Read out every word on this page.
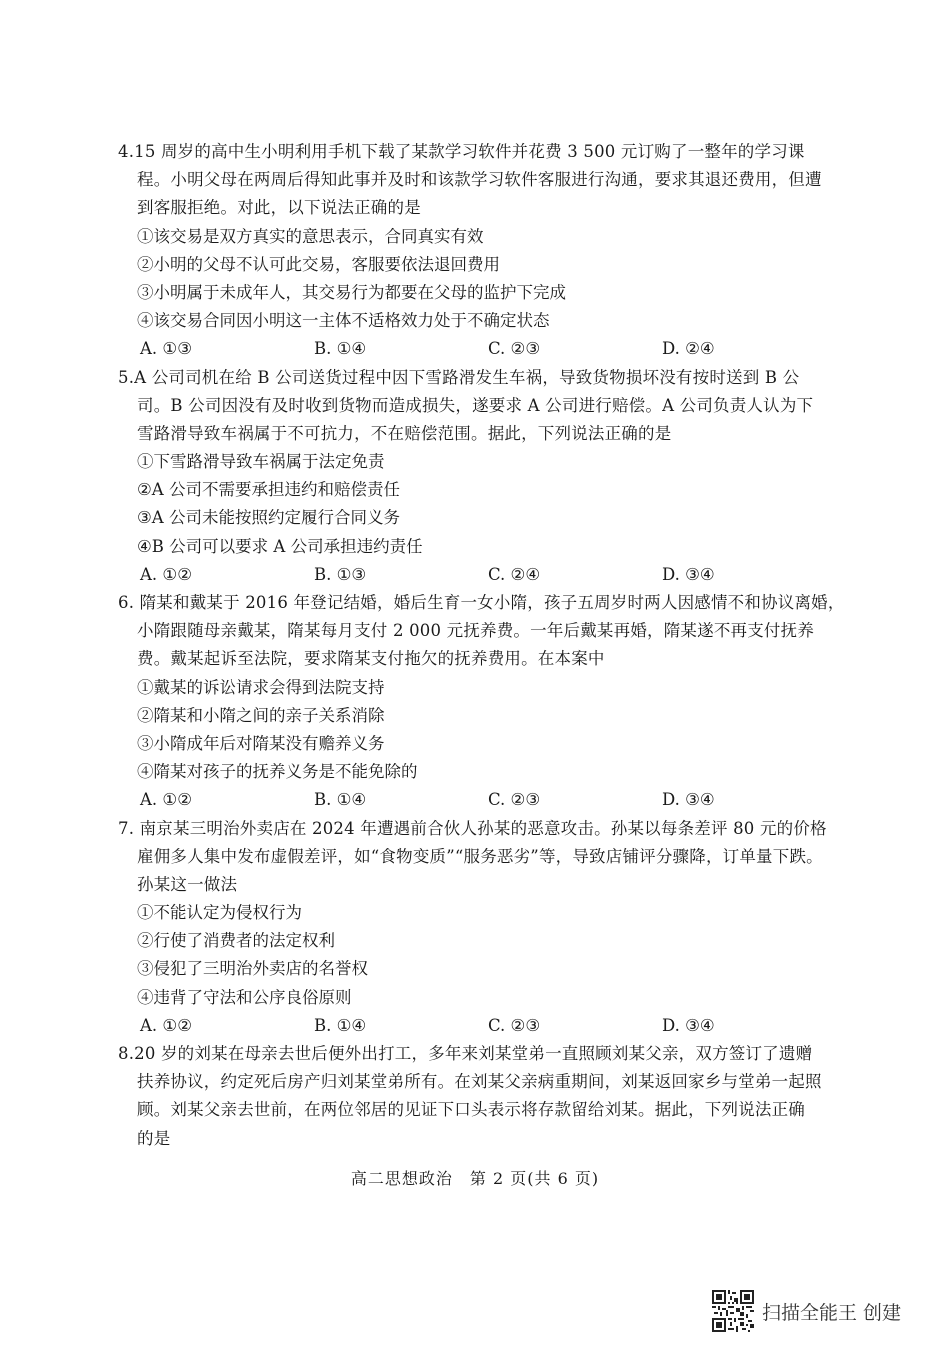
4.15 周岁的高中生小明利用手机下载了某款学习软件并花费 3 500 元订购了一整年的学习课
程。小明父母在两周后得知此事并及时和该款学习软件客服进行沟通，要求其退还费用，但遭
到客服拒绝。对此，以下说法正确的是
①该交易是双方真实的意思表示，合同真实有效
②小明的父母不认可此交易，客服要依法退回费用
③小明属于未成年人，其交易行为都要在父母的监护下完成
④该交易合同因小明这一主体不适格效力处于不确定状态
A. ①③	B. ①④	C. ②③	D. ②④
5.A 公司司机在给 B 公司送货过程中因下雪路滑发生车祸，导致货物损坏没有按时送到 B 公
司。B 公司因没有及时收到货物而造成损失，遂要求 A 公司进行赔偿。A 公司负责人认为下
雪路滑导致车祸属于不可抗力，不在赔偿范围。据此，下列说法正确的是
①下雪路滑导致车祸属于法定免责
②A 公司不需要承担违约和赔偿责任
③A 公司未能按照约定履行合同义务
④B 公司可以要求 A 公司承担违约责任
A. ①②	B. ①③	C. ②④	D. ③④
6. 隋某和戴某于 2016 年登记结婚，婚后生育一女小隋，孩子五周岁时两人因感情不和协议离婚，
小隋跟随母亲戴某，隋某每月支付 2 000 元抚养费。一年后戴某再婚，隋某遂不再支付抚养
费。戴某起诉至法院，要求隋某支付拖欠的抚养费用。在本案中
①戴某的诉讼请求会得到法院支持
②隋某和小隋之间的亲子关系消除
③小隋成年后对隋某没有赡养义务
④隋某对孩子的抚养义务是不能免除的
A. ①②	B. ①④	C. ②③	D. ③④
7. 南京某三明治外卖店在 2024 年遭遇前合伙人孙某的恶意攻击。孙某以每条差评 80 元的价格
雇佣多人集中发布虚假差评，如“食物变质”“服务恶劣”等，导致店铺评分骤降，订单量下跌。
孙某这一做法
①不能认定为侵权行为
②行使了消费者的法定权利
③侵犯了三明治外卖店的名誉权
④违背了守法和公序良俗原则
A. ①②	B. ①④	C. ②③	D. ③④
8.20 岁的刘某在母亲去世后便外出打工，多年来刘某堂弟一直照顾刘某父亲，双方签订了遗赠
扶养协议，约定死后房产归刘某堂弟所有。在刘某父亲病重期间，刘某返回家乡与堂弟一起照
顾。刘某父亲去世前，在两位邻居的见证下口头表示将存款留给刘某。据此，下列说法正确
的是
高二思想政治　第 2 页(共 6 页)
扫描全能王 创建
